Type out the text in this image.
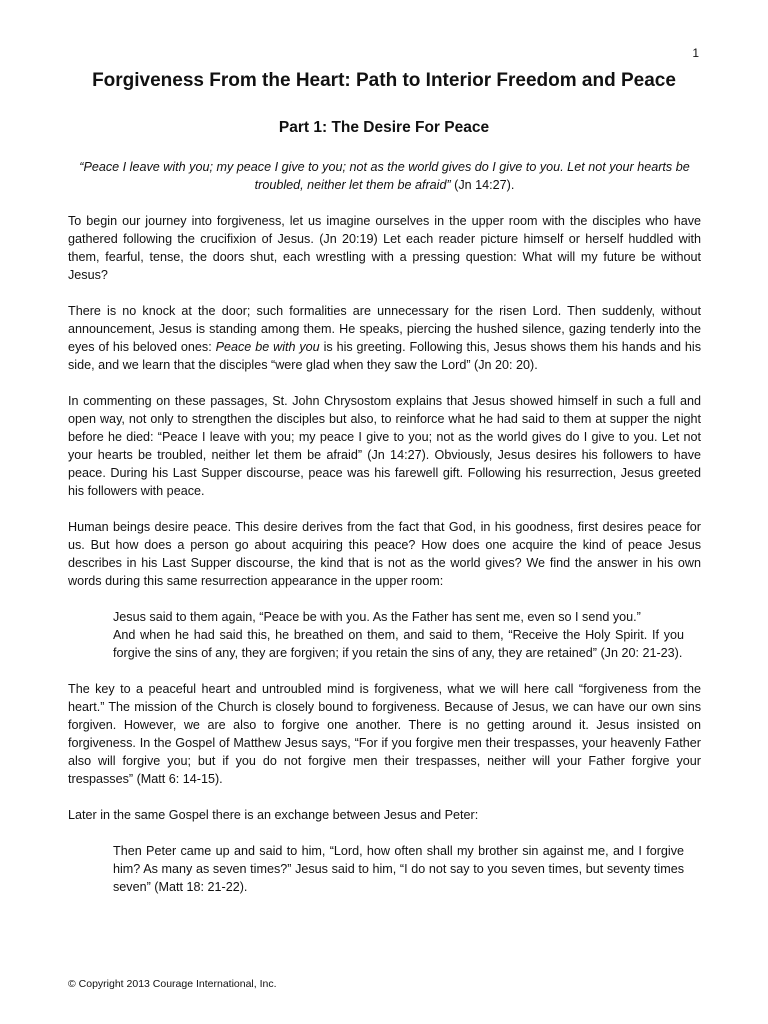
1
Forgiveness From the Heart: Path to Interior Freedom and Peace
Part 1: The Desire For Peace

“Peace I leave with you; my peace I give to you; not as the world gives do I give to you. Let not your hearts be troubled, neither let them be afraid” (Jn 14:27).

To begin our journey into forgiveness, let us imagine ourselves in the upper room with the disciples who have gathered following the crucifixion of Jesus. (Jn 20:19) Let each reader picture himself or herself huddled with them, fearful, tense, the doors shut, each wrestling with a pressing question: What will my future be without Jesus?

There is no knock at the door; such formalities are unnecessary for the risen Lord. Then suddenly, without announcement, Jesus is standing among them. He speaks, piercing the hushed silence, gazing tenderly into the eyes of his beloved ones: Peace be with you is his greeting. Following this, Jesus shows them his hands and his side, and we learn that the disciples “were glad when they saw the Lord” (Jn 20: 20).

In commenting on these passages, St. John Chrysostom explains that Jesus showed himself in such a full and open way, not only to strengthen the disciples but also, to reinforce what he had said to them at supper the night before he died: “Peace I leave with you; my peace I give to you; not as the world gives do I give to you. Let not your hearts be troubled, neither let them be afraid” (Jn 14:27). Obviously, Jesus desires his followers to have peace. During his Last Supper discourse, peace was his farewell gift. Following his resurrection, Jesus greeted his followers with peace.

Human beings desire peace. This desire derives from the fact that God, in his goodness, first desires peace for us. But how does a person go about acquiring this peace? How does one acquire the kind of peace Jesus describes in his Last Supper discourse, the kind that is not as the world gives? We find the answer in his own words during this same resurrection appearance in the upper room:

Jesus said to them again, “Peace be with you. As the Father has sent me, even so I send you.”
And when he had said this, he breathed on them, and said to them, “Receive the Holy Spirit. If you forgive the sins of any, they are forgiven; if you retain the sins of any, they are retained” (Jn 20: 21-23).

The key to a peaceful heart and untroubled mind is forgiveness, what we will here call “forgiveness from the heart.” The mission of the Church is closely bound to forgiveness. Because of Jesus, we can have our own sins forgiven. However, we are also to forgive one another. There is no getting around it. Jesus insisted on forgiveness. In the Gospel of Matthew Jesus says, “For if you forgive men their trespasses, your heavenly Father also will forgive you; but if you do not forgive men their trespasses, neither will your Father forgive your trespasses” (Matt 6: 14-15).

Later in the same Gospel there is an exchange between Jesus and Peter:

Then Peter came up and said to him, “Lord, how often shall my brother sin against me, and I forgive him? As many as seven times?” Jesus said to him, “I do not say to you seven times, but seventy times seven” (Matt 18: 21-22).
© Copyright 2013 Courage International, Inc.
